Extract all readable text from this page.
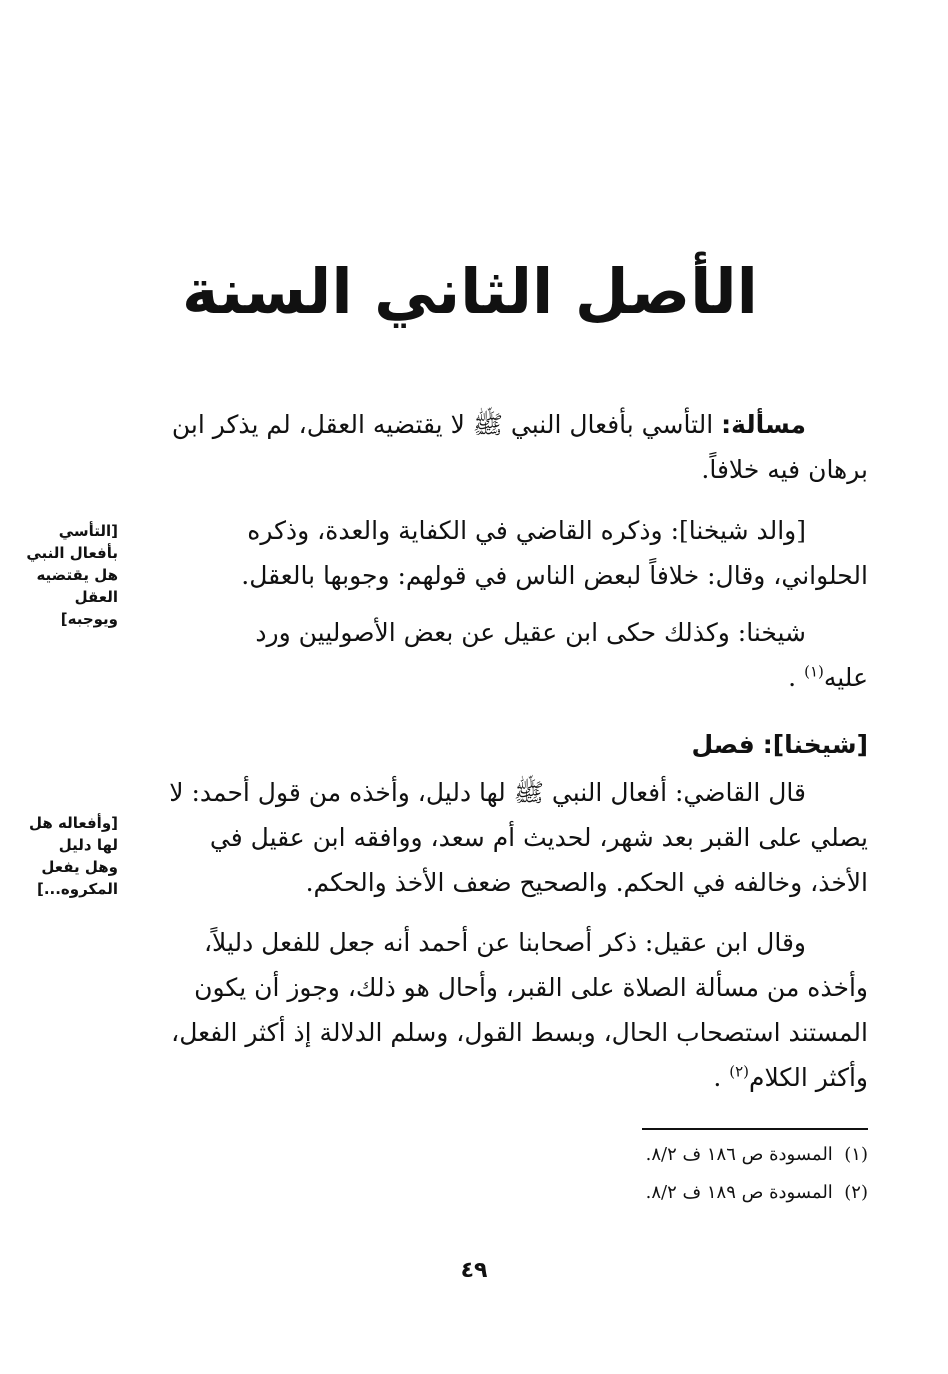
الأصل الثاني السنة

مسألة: التأسي بأفعال النبي ﷺ لا يقتضيه العقل، لم يذكر ابن

برهان فيه خلافاً.

[والد شيخنا]: وذكره القاضي في الكفاية والعدة، وذكره

الحلواني، وقال: خلافاً لبعض الناس في قولهم: وجوبها بالعقل.

شيخنا: وكذلك حكى ابن عقيل عن بعض الأصوليين ورد

عليه$^{(١)}$ .

[شيخنا]: فصل

قال القاضي: أفعال النبي ﷺ لها دليل، وأخذه من قول أحمد: لا

يصلي على القبر بعد شهر، لحديث أم سعد، ووافقه ابن عقيل في

الأخذ، وخالفه في الحكم. والصحيح ضعف الأخذ والحكم.

وقال ابن عقيل: ذكر أصحابنا عن أحمد أنه جعل للفعل دليلاً،

وأخذه من مسألة الصلاة على القبر، وأحال هو ذلك، وجوز أن يكون

المستند استصحاب الحال، وبسط القول، وسلم الدلالة إذ أكثر الفعل،

وأكثر الكلام$^{(٢)}$ .

[التأسي
بأفعال النبي
هل يقتضيه
العقل
ويوجبه]
[وأفعاله هل
لها دليل
وهل يفعل
المكروه...]
(١)  المسودة ص ١٨٦ ف ٨/٢.
(٢)  المسودة ص ١٨٩ ف ٨/٢.
٤٩
